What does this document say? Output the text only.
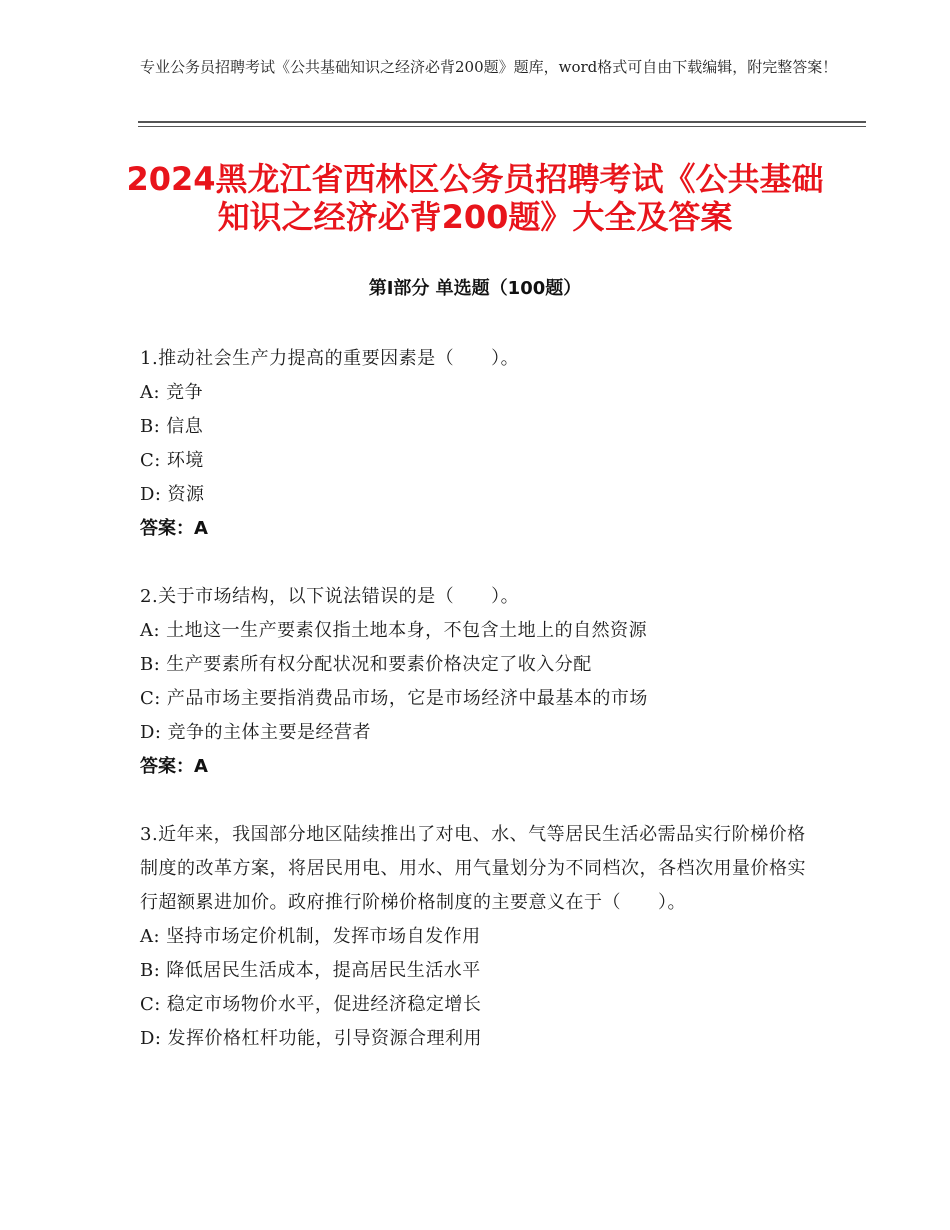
专业公务员招聘考试《公共基础知识之经济必背200题》题库，word格式可自由下载编辑，附完整答案！
2024黑龙江省西林区公务员招聘考试《公共基础知识之经济必背200题》大全及答案
第Ⅰ部分 单选题（100题）
1.推动社会生产力提高的重要因素是（　　）。
A: 竞争
B: 信息
C: 环境
D: 资源
答案：A
2.关于市场结构，以下说法错误的是（　　）。
A: 土地这一生产要素仅指土地本身，不包含土地上的自然资源
B: 生产要素所有权分配状况和要素价格决定了收入分配
C: 产品市场主要指消费品市场，它是市场经济中最基本的市场
D: 竞争的主体主要是经营者
答案：A
3.近年来，我国部分地区陆续推出了对电、水、气等居民生活必需品实行阶梯价格制度的改革方案，将居民用电、用水、用气量划分为不同档次，各档次用量价格实行超额累进加价。政府推行阶梯价格制度的主要意义在于（　　）。
A: 坚持市场定价机制，发挥市场自发作用
B: 降低居民生活成本，提高居民生活水平
C: 稳定市场物价水平，促进经济稳定增长
D: 发挥价格杠杆功能，引导资源合理利用
